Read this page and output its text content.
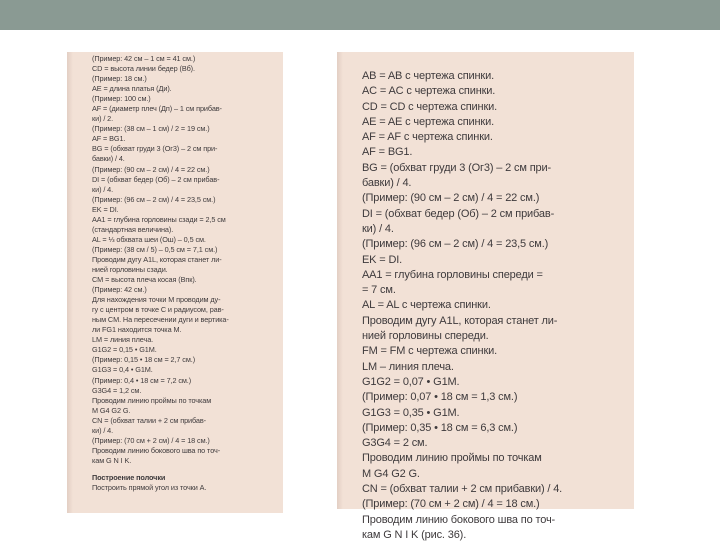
(Пример: 42 см – 1 см = 41 см.)
CD = высота линии бедер (Вб).
(Пример: 18 см.)
AE = длина платья (Ди).
(Пример: 100 см.)
AF = (диаметр плеч (Дп) – 1 см прибав-
ки) / 2.
(Пример: (38 см – 1 см) / 2 = 19 см.)
AF = BG1.
BG = (обхват груди 3 (Ог3) – 2 см при-
бавки) / 4.
(Пример: (90 см – 2 см) / 4 = 22 см.)
DI = (обхват бедер (Об) – 2 см прибав-
ки) / 4.
(Пример: (96 см – 2 см) / 4 = 23,5 см.)
EK = DI.
AA1 = глубина горловины сзади = 2,5 см
(стандартная величина).
AL = ⅓ обхвата шеи (Ош) – 0,5 см.
(Пример: (38 см / 5) – 0,5 см = 7,1 см.)
Проводим дугу A1L, которая станет ли-
нией горловины сзади.
CM = высота плеча косая (Впк).
(Пример: 42 см.)
Для нахождения точки M проводим ду-
гу с центром в точке C и радиусом, рав-
ным CM. На пересечении дуги и вертика-
ли FG1 находится точка M.
LM = линия плеча.
G1G2 = 0,15 • G1M.
(Пример: 0,15 • 18 см = 2,7 см.)
G1G3 = 0,4 • G1M.
(Пример: 0,4 • 18 см = 7,2 см.)
G3G4 = 1,2 см.
Проводим линию проймы по точкам
M G4 G2 G.
CN = (обхват талии + 2 см прибав-
ки) / 4.
(Пример: (70 см + 2 см) / 4 = 18 см.)
Проводим линию бокового шва по точ-
кам G N I K.
Построение полочки
Построить прямой угол из точки A.
AB = AB с чертежа спинки.
AC = AC с чертежа спинки.
CD = CD с чертежа спинки.
AE = AE с чертежа спинки.
AF = AF с чертежа спинки.
AF = BG1.
BG = (обхват груди 3 (Ог3) – 2 см при-
бавки) / 4.
(Пример: (90 см – 2 см) / 4 = 22 см.)
DI = (обхват бедер (Об) – 2 см прибав-
ки) / 4.
(Пример: (96 см – 2 см) / 4 = 23,5 см.)
EK = DI.
AA1 = глубина горловины спереди =
= 7 см.
AL = AL с чертежа спинки.
Проводим дугу A1L, которая станет ли-
нией горловины спереди.
FM = FM с чертежа спинки.
LM – линия плеча.
G1G2 = 0,07 • G1M.
(Пример: 0,07 • 18 см = 1,3 см.)
G1G3 = 0,35 • G1M.
(Пример: 0,35 • 18 см = 6,3 см.)
G3G4 = 2 см.
Проводим линию проймы по точкам
M G4 G2 G.
CN = (обхват талии + 2 см прибавки) / 4.
(Пример: (70 см + 2 см) / 4 = 18 см.)
Проводим линию бокового шва по точ-
кам G N I K (рис. 36).
